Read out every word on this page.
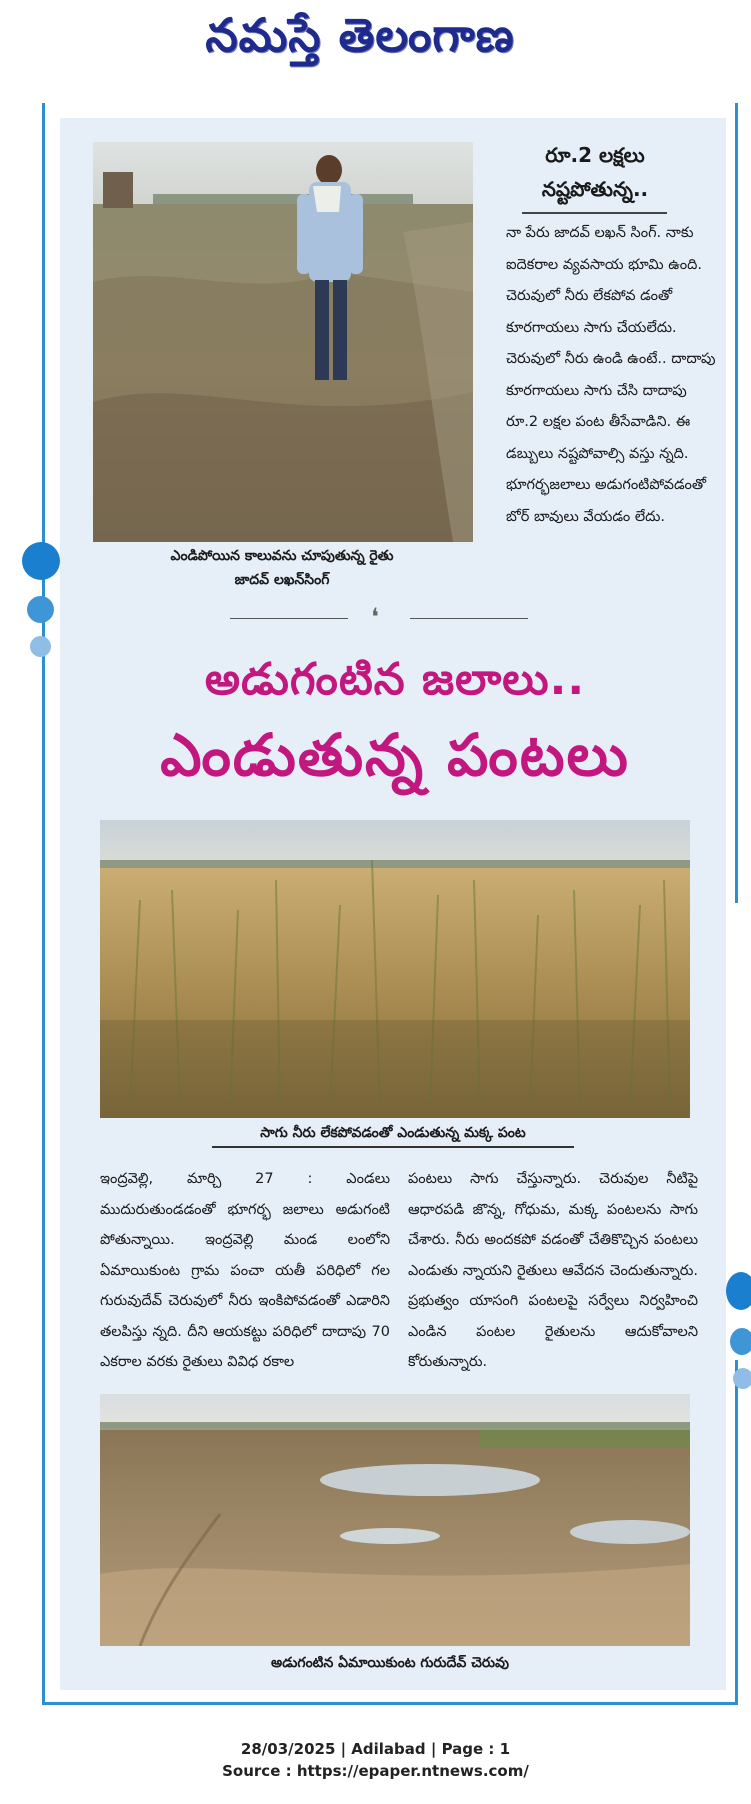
నమస్తే తెలంగాణ
ఎండిపోయిన కాలువను చూపుతున్న రైతు
జాదవ్ లఖన్‌సింగ్
రూ.2 లక్షలు
నష్టపోతున్న..
నా పేరు జాదవ్ లఖన్ సింగ్. నాకు ఐదెకరాల వ్యవసాయ భూమి ఉంది. చెరువులో నీరు లేకపోవ డంతో కూరగాయలు సాగు చేయలేదు. చెరువులో నీరు ఉండి ఉంటే.. దాదాపు కూరగాయలు సాగు చేసి దాదాపు రూ.2 లక్షల పంట తీసేవాడిని. ఈ డబ్బులు నష్టపోవాల్సి వస్తు న్నది. భూగర్భజలాలు అడుగంటిపోవడంతో బోర్ బావులు వేయడం లేదు.
❛
అడుగంటిన జలాలు..
ఎండుతున్న పంటలు
సాగు నీరు లేకపోవడంతో ఎండుతున్న మక్క పంట
ఇంద్రవెల్లి, మార్చి 27 : ఎండలు ముదురుతుండడంతో భూగర్భ జలాలు అడుగంటి పోతున్నాయి. ఇంద్రవెల్లి మండ లంలోని ఏమాయికుంట గ్రామ పంచా యతీ పరిధిలో గల గురువుదేవ్ చెరువులో నీరు ఇంకిపోవడంతో ఎడారిని తలపిస్తు న్నది. దీని ఆయకట్టు పరిధిలో దాదాపు 70 ఎకరాల వరకు రైతులు వివిధ రకాల
పంటలు సాగు చేస్తున్నారు. చెరువుల నీటిపై ఆధారపడి జొన్న, గోధుమ, మక్క పంటలను సాగు చేశారు. నీరు అందకపో వడంతో చేతికొచ్చిన పంటలు ఎండుతు న్నాయని రైతులు ఆవేదన చెందుతున్నారు. ప్రభుత్వం యాసంగి పంటలపై సర్వేలు నిర్వహించి ఎండిన పంటల రైతులను ఆదుకోవాలని కోరుతున్నారు.
అడుగంటిన ఏమాయికుంట గురుదేవ్ చెరువు
28/03/2025 | Adilabad | Page : 1
Source : https://epaper.ntnews.com/
